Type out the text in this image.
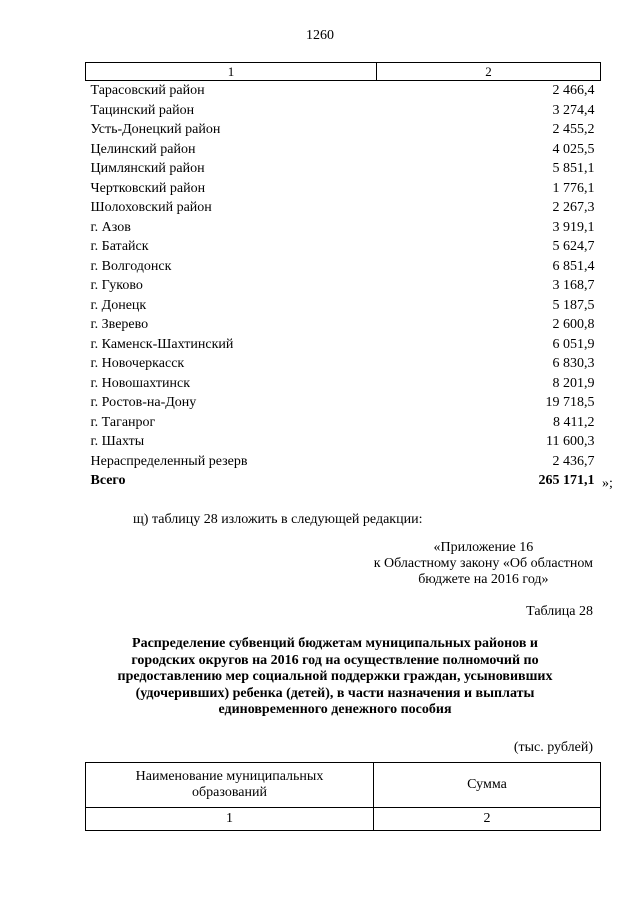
1260
1	2
Тарасовский район	2 466,4
Тацинский район	3 274,4
Усть-Донецкий район	2 455,2
Целинский район	4 025,5
Цимлянский район	5 851,1
Чертковский район	1 776,1
Шолоховский район	2 267,3
г. Азов	3 919,1
г. Батайск	5 624,7
г. Волгодонск	6 851,4
г. Гуково	3 168,7
г. Донецк	5 187,5
г. Зверево	2 600,8
г. Каменск-Шахтинский	6 051,9
г. Новочеркасск	6 830,3
г. Новошахтинск	8 201,9
г. Ростов-на-Дону	19 718,5
г. Таганрог	8 411,2
г. Шахты	11 600,3
Нераспределенный резерв	2 436,7
Всего	265 171,1 »;
щ) таблицу 28 изложить в следующей редакции:
«Приложение 16
к Областному закону «Об областном
бюджете на 2016 год»
Таблица 28
Распределение субвенций бюджетам муниципальных районов и
городских округов на 2016 год на осуществление полномочий по
предоставлению мер социальной поддержки граждан, усыновивших
(удочеривших) ребенка (детей), в части назначения и выплаты
единовременного денежного пособия
(тыс. рублей)
Наименование муниципальных
образований	Сумма
1	2
